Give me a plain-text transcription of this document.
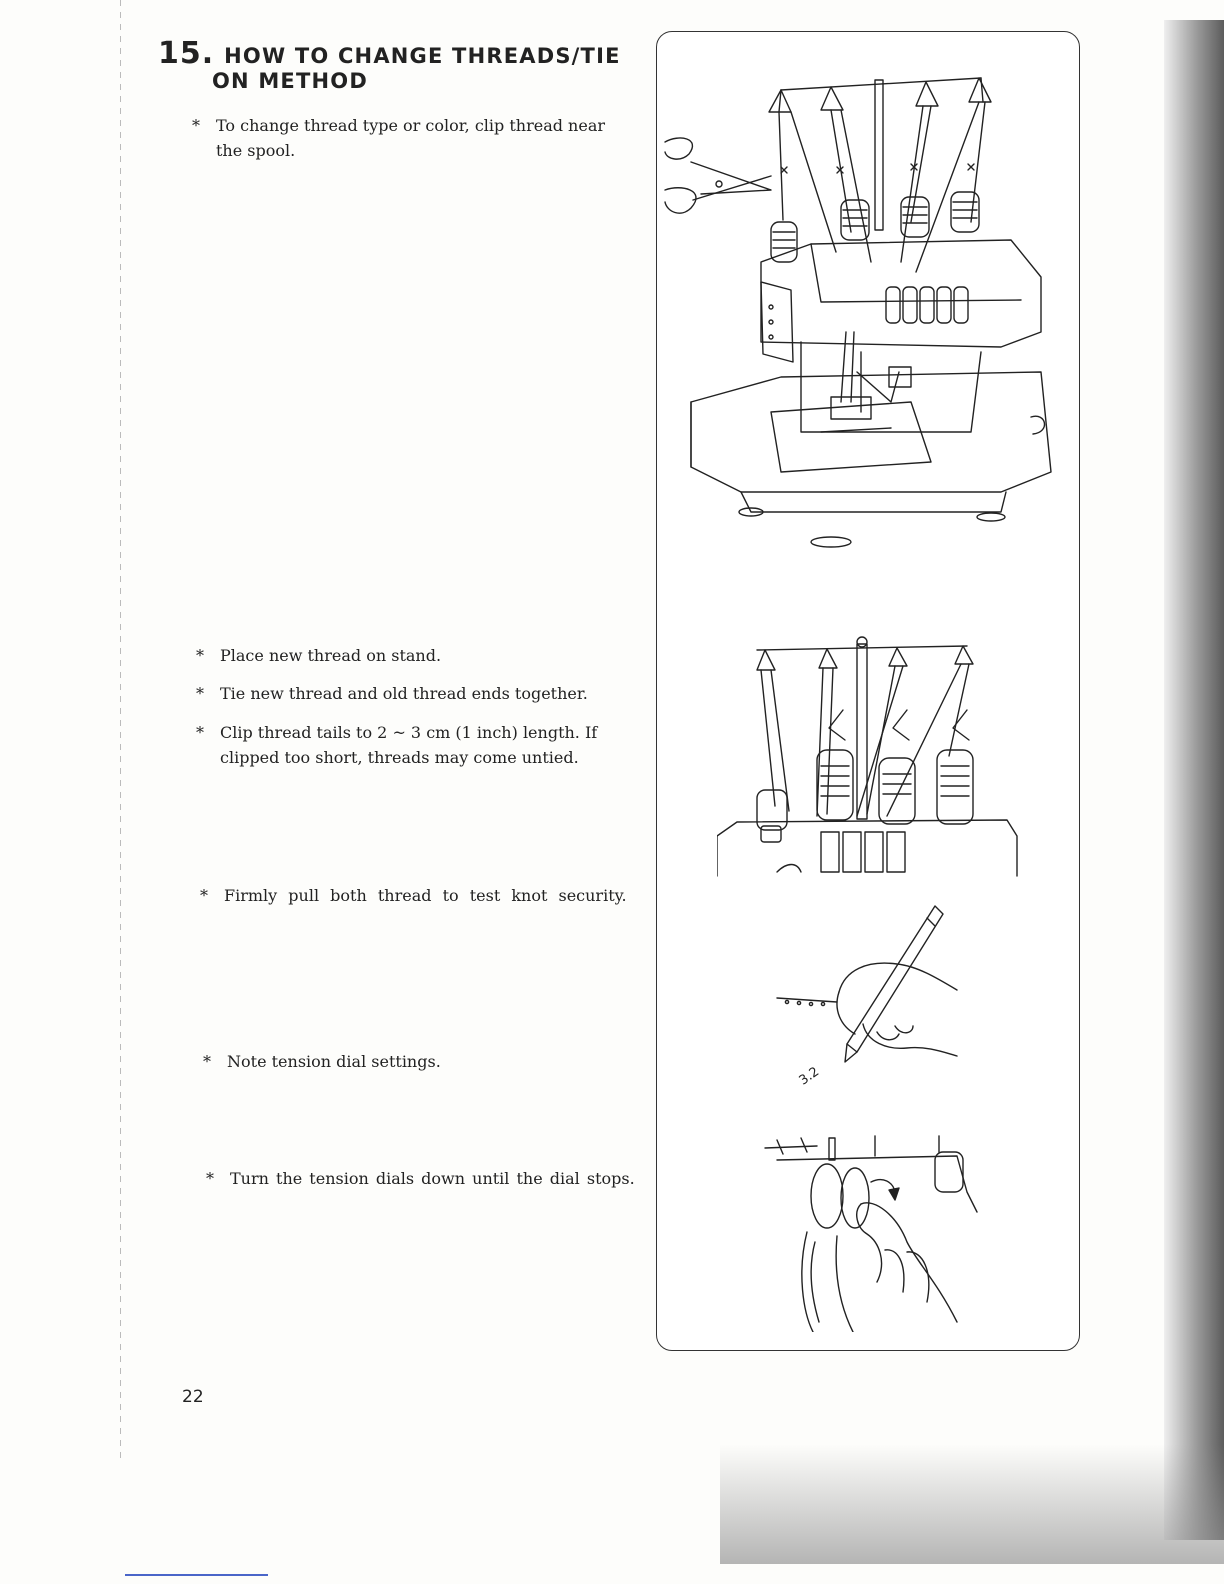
15. HOW TO CHANGE THREADS/TIE
ON METHOD
* To change thread type or color, clip thread near
the spool.
* Place new thread on stand.
* Tie new thread and old thread ends together.
* Clip thread tails to 2 ~ 3 cm (1 inch) length. If
clipped too short, threads may come untied.
* Firmly pull both thread to test knot security.
* Note tension dial settings.
* Turn the tension dials down until the dial stops.
22
3.2
